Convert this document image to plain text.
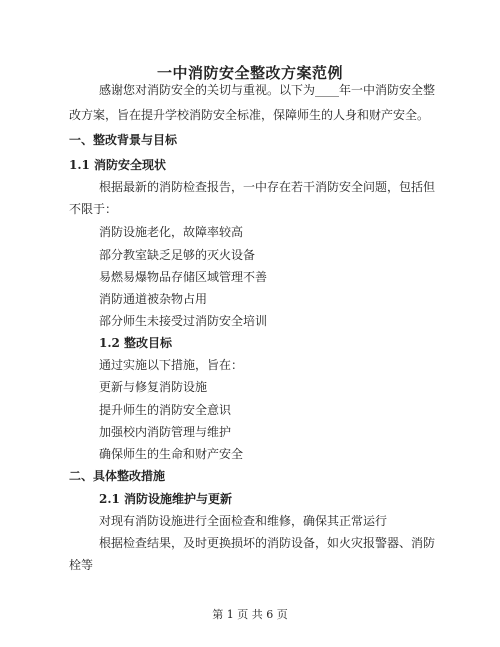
一中消防安全整改方案范例
感谢您对消防安全的关切与重视。以下为____年一中消防安全整
改方案，旨在提升学校消防安全标准，保障师生的人身和财产安全。
一、整改背景与目标
1.1 消防安全现状
根据最新的消防检查报告，一中存在若干消防安全问题，包括但
不限于：
消防设施老化，故障率较高
部分教室缺乏足够的灭火设备
易燃易爆物品存储区域管理不善
消防通道被杂物占用
部分师生未接受过消防安全培训
1.2 整改目标
通过实施以下措施，旨在：
更新与修复消防设施
提升师生的消防安全意识
加强校内消防管理与维护
确保师生的生命和财产安全
二、具体整改措施
2.1 消防设施维护与更新
对现有消防设施进行全面检查和维修，确保其正常运行
根据检查结果，及时更换损坏的消防设备，如火灾报警器、消防
栓等
第 1 页 共 6 页
